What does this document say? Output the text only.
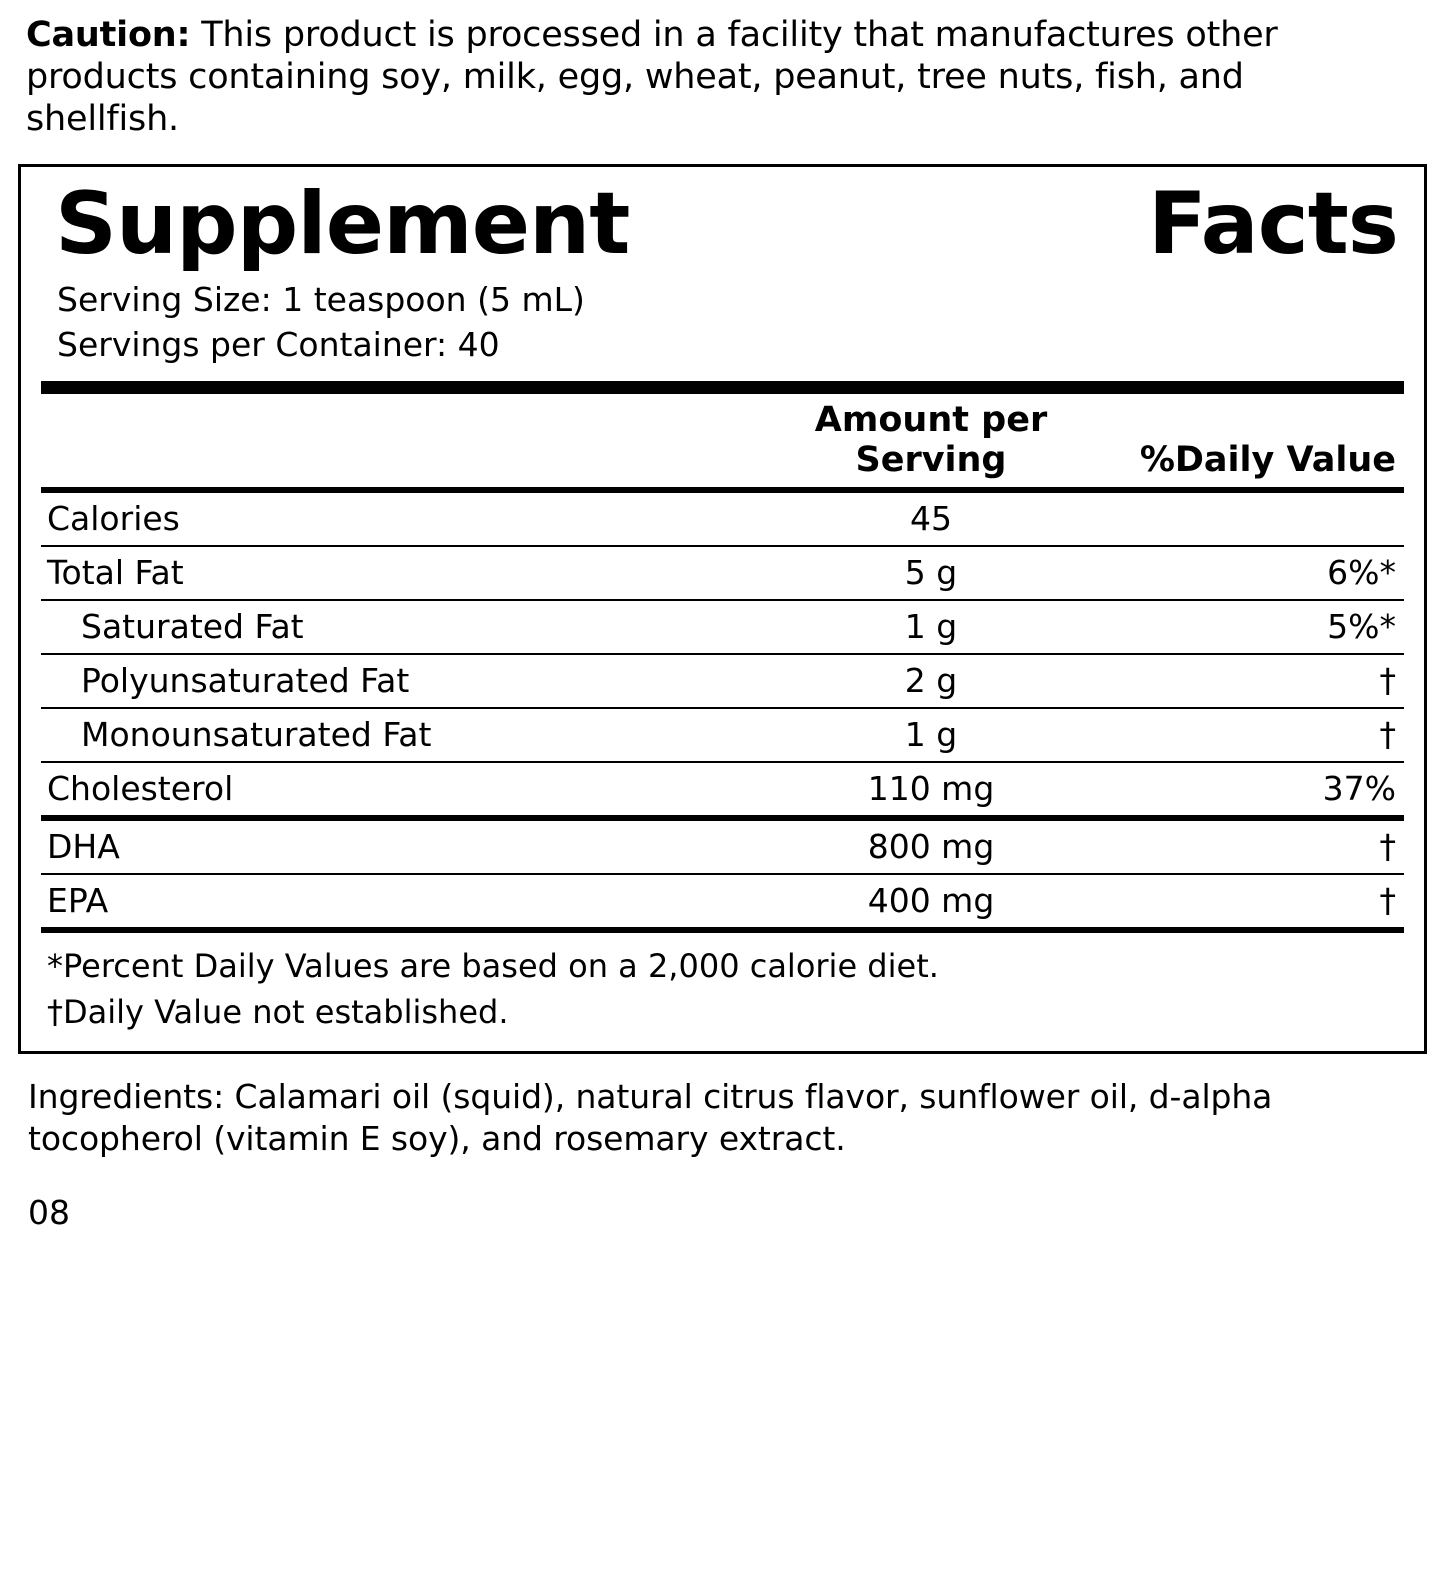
Caution: This product is processed in a facility that manufactures other products containing soy, milk, egg, wheat, peanut, tree nuts, fish, and shellfish.
Supplement	Facts
Serving Size: 1 teaspoon (5 mL)
Servings per Container: 40
	Amount per Serving	%Daily Value
Calories	45	
Total Fat	5 g	6%*
Saturated Fat	1 g	5%*
Polyunsaturated Fat	2 g	†
Monounsaturated Fat	1 g	†
Cholesterol	110 mg	37%
DHA	800 mg	†
EPA	400 mg	†
*Percent Daily Values are based on a 2,000 calorie diet.
†Daily Value not established.
Ingredients: Calamari oil (squid), natural citrus flavor, sunflower oil, d-alpha tocopherol (vitamin E soy), and rosemary extract.
08
